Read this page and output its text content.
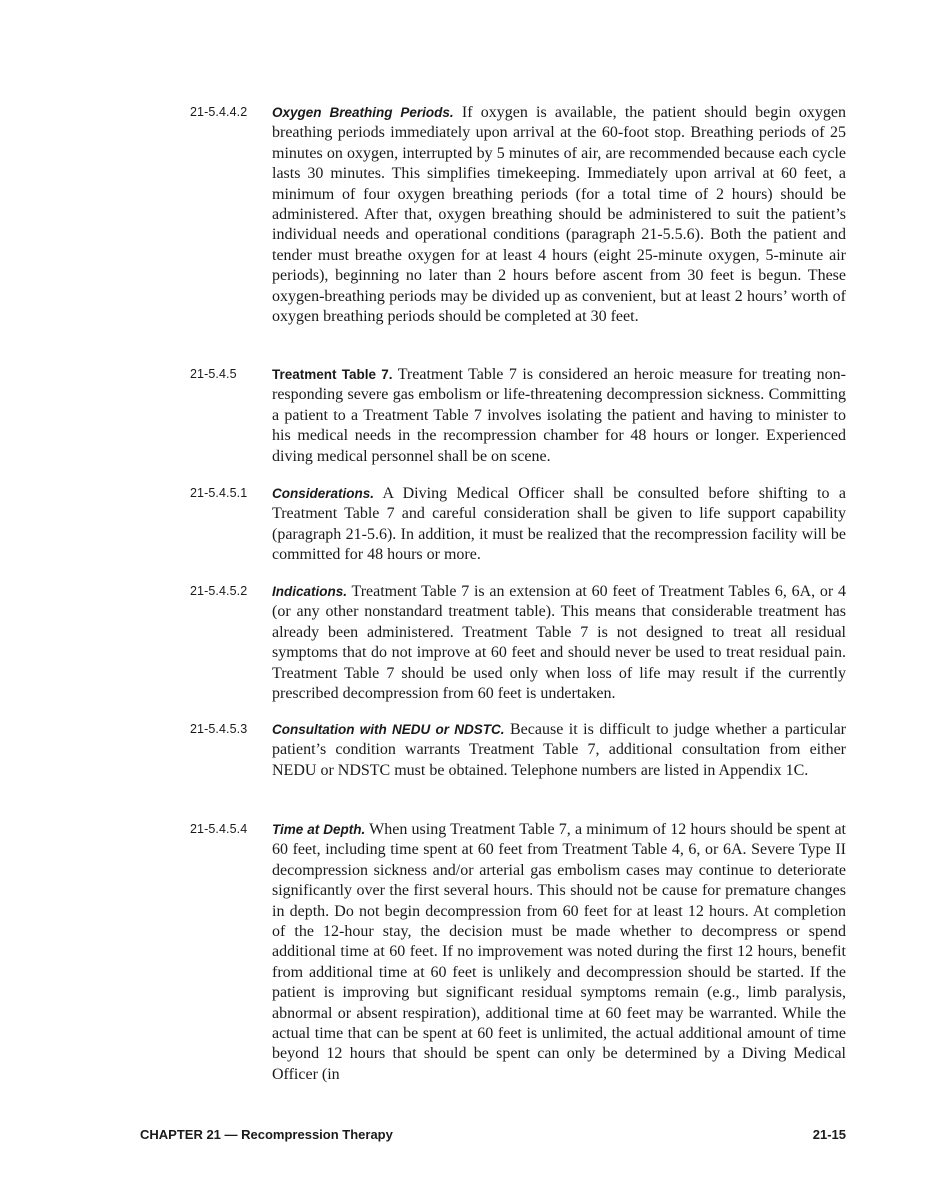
21-5.4.4.2	Oxygen Breathing Periods. If oxygen is available, the patient should begin oxygen breathing periods immediately upon arrival at the 60-foot stop. Breathing periods of 25 minutes on oxygen, interrupted by 5 minutes of air, are recommended because each cycle lasts 30 minutes. This simplifies timekeeping. Immediately upon arrival at 60 feet, a minimum of four oxygen breathing periods (for a total time of 2 hours) should be administered. After that, oxygen breathing should be administered to suit the patient’s individual needs and operational conditions (paragraph 21-5.5.6). Both the patient and tender must breathe oxygen for at least 4 hours (eight 25-minute oxygen, 5-minute air periods), beginning no later than 2 hours before ascent from 30 feet is begun. These oxygen-breathing periods may be divided up as convenient, but at least 2 hours’ worth of oxygen breathing periods should be completed at 30 feet.
21-5.4.5	Treatment Table 7. Treatment Table 7 is considered an heroic measure for treating non-responding severe gas embolism or life-threatening decompression sickness. Committing a patient to a Treatment Table 7 involves isolating the patient and having to minister to his medical needs in the recompression chamber for 48 hours or longer. Experienced diving medical personnel shall be on scene.
21-5.4.5.1	Considerations. A Diving Medical Officer shall be consulted before shifting to a Treatment Table 7 and careful consideration shall be given to life support capability (paragraph 21-5.6). In addition, it must be realized that the recompression facility will be committed for 48 hours or more.
21-5.4.5.2	Indications. Treatment Table 7 is an extension at 60 feet of Treatment Tables 6, 6A, or 4 (or any other nonstandard treatment table). This means that considerable treatment has already been administered. Treatment Table 7 is not designed to treat all residual symptoms that do not improve at 60 feet and should never be used to treat residual pain. Treatment Table 7 should be used only when loss of life may result if the currently prescribed decompression from 60 feet is undertaken.
21-5.4.5.3	Consultation with NEDU or NDSTC. Because it is difficult to judge whether a particular patient’s condition warrants Treatment Table 7, additional consultation from either NEDU or NDSTC must be obtained. Telephone numbers are listed in Appendix 1C.
21-5.4.5.4	Time at Depth. When using Treatment Table 7, a minimum of 12 hours should be spent at 60 feet, including time spent at 60 feet from Treatment Table 4, 6, or 6A. Severe Type II decompression sickness and/or arterial gas embolism cases may continue to deteriorate significantly over the first several hours. This should not be cause for premature changes in depth. Do not begin decompression from 60 feet for at least 12 hours. At completion of the 12-hour stay, the decision must be made whether to decompress or spend additional time at 60 feet. If no improvement was noted during the first 12 hours, benefit from additional time at 60 feet is unlikely and decompression should be started. If the patient is improving but significant residual symptoms remain (e.g., limb paralysis, abnormal or absent respiration), additional time at 60 feet may be warranted. While the actual time that can be spent at 60 feet is unlimited, the actual additional amount of time beyond 12 hours that should be spent can only be determined by a Diving Medical Officer (in
CHAPTER 21 — Recompression Therapy	21-15
